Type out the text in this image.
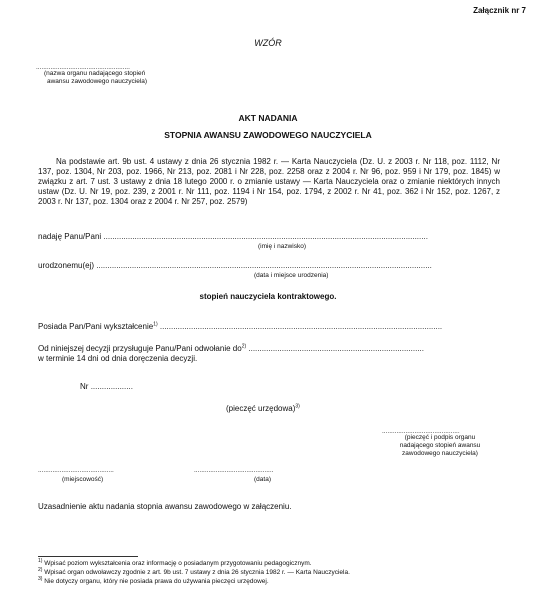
Załącznik nr 7
WZÓR
....................................................
(nazwa organu nadającego stopień
awansu zawodowego nauczyciela)
AKT NADANIA
STOPNIA AWANSU ZAWODOWEGO NAUCZYCIELA
Na podstawie art. 9b ust. 4 ustawy z dnia 26 stycznia 1982 r. — Karta Nauczyciela (Dz. U. z 2003 r. Nr 118, poz. 1112, Nr 137, poz. 1304, Nr 203, poz. 1966, Nr 213, poz. 2081 i Nr 228, poz. 2258 oraz z 2004 r. Nr 96, poz. 959 i Nr 179, poz. 1845) w związku z art. 7 ust. 3 ustawy z dnia 18 lutego 2000 r. o zmianie ustawy — Karta Nauczyciela oraz o zmianie niektórych innych ustaw (Dz. U. Nr 19, poz. 239, z 2001 r. Nr 111, poz. 1194 i Nr 154, poz. 1794, z 2002 r. Nr 41, poz. 362 i Nr 152, poz. 1267, z 2003 r. Nr 137, poz. 1304 oraz z 2004 r. Nr 257, poz. 2579)
nadaję Panu/Pani ..................................................................................................................................................
(imię i nazwisko)
urodzonemu(ej) .......................................................................................................................................................
(data i miejsce urodzenia)
stopień nauczyciela kontraktowego.
Posiada Pan/Pani wykształcenie$^{1)}$ ...............................................................................................................................
Od niniejszej decyzji przysługuje Panu/Pani odwołanie $do^{2)}$ ...............................................................................
w terminie 14 dni od dnia doręczenia decyzji.
Nr ...................
(pieczęć urzędowa)$^{3)}$
...........................................
(pieczęć i podpis organu
nadającego stopień awansu
zawodowego nauczyciela)
..........................................
(miejscowość)
............................................
(data)
Uzasadnienie aktu nadania stopnia awansu zawodowego w załączeniu.
$^{1)}$ Wpisać poziom wykształcenia oraz informację o posiadanym przygotowaniu pedagogicznym.
$^{2)}$ Wpisać organ odwoławczy zgodnie z art. 9b ust. 7 ustawy z dnia 26 stycznia 1982 r. — Karta Nauczyciela.
$^{3)}$ Nie dotyczy organu, który nie posiada prawa do używania pieczęci urzędowej.
